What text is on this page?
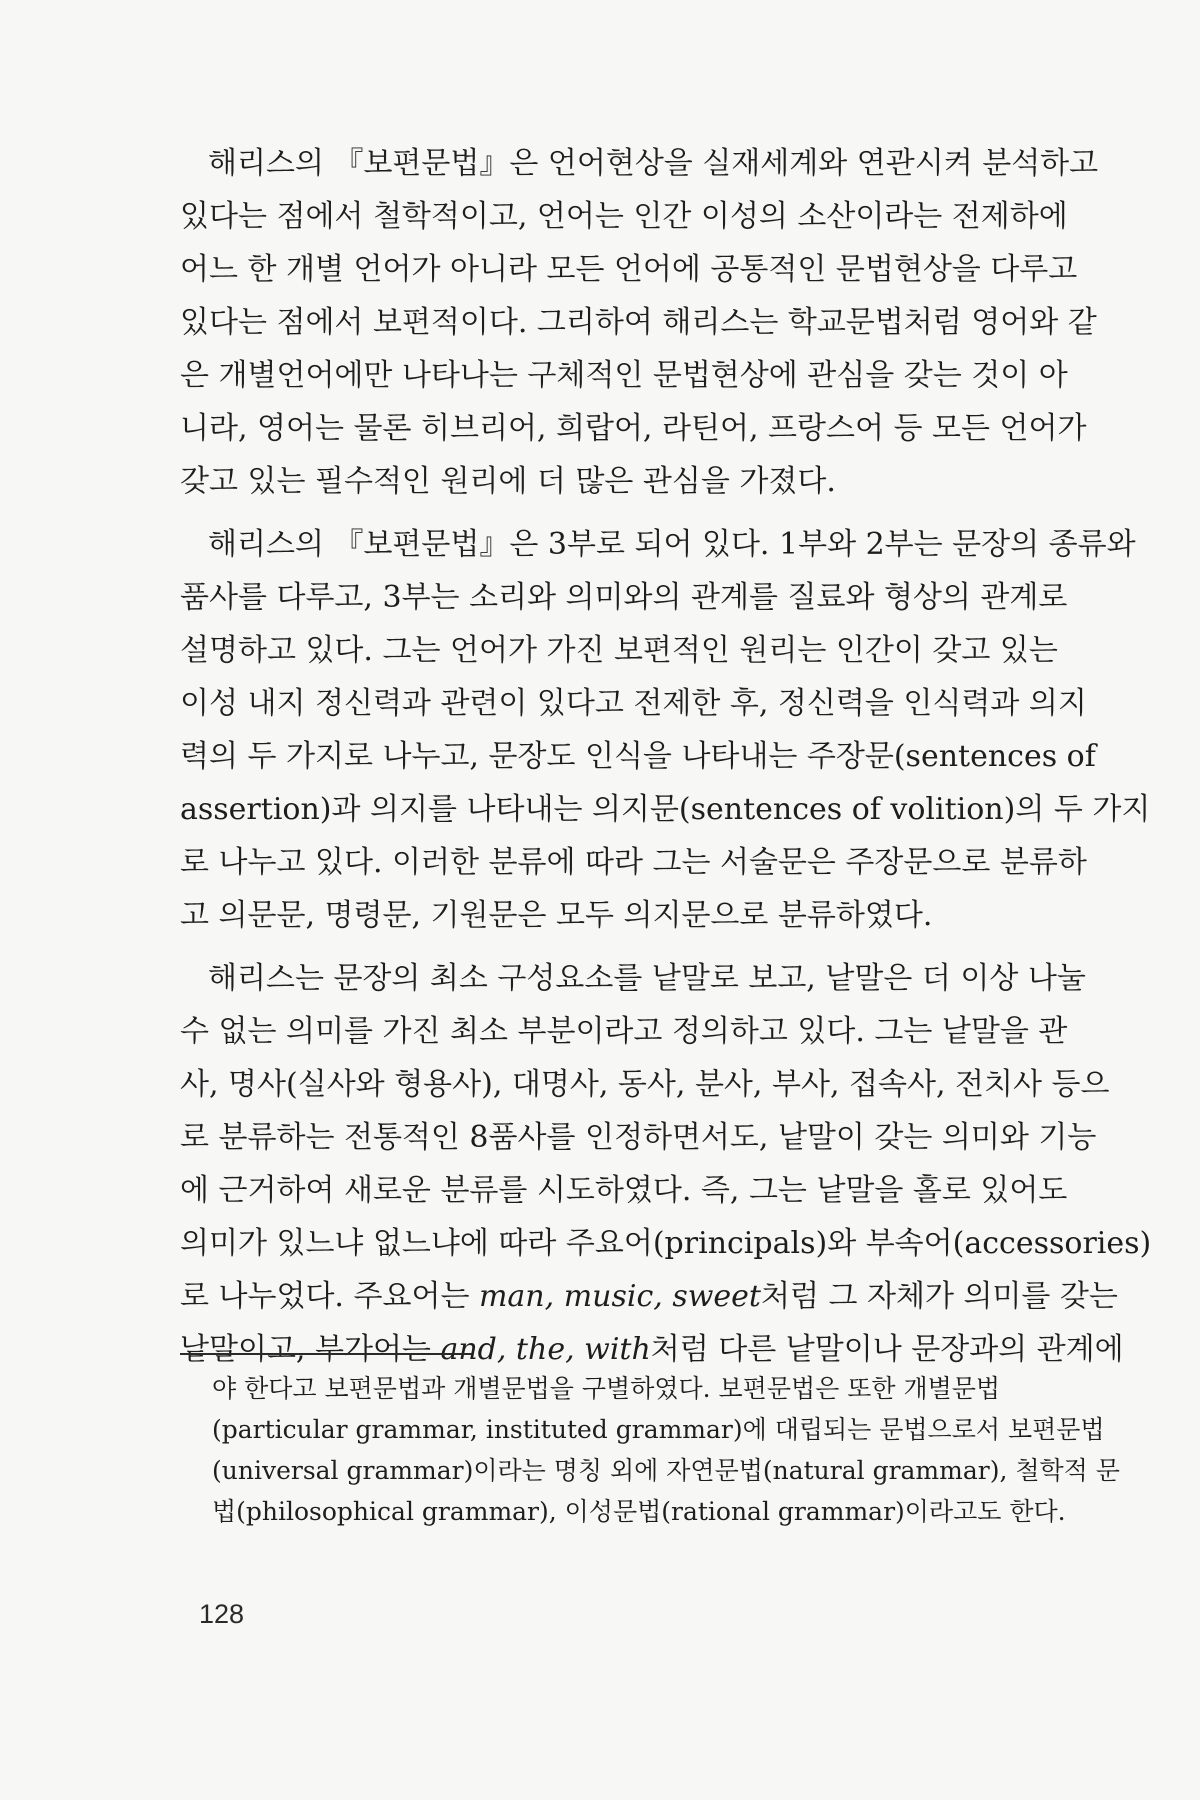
해리스의 『보편문법』은 언어현상을 실재세계와 연관시켜 분석하고
있다는 점에서 철학적이고, 언어는 인간 이성의 소산이라는 전제하에
어느 한 개별 언어가 아니라 모든 언어에 공통적인 문법현상을 다루고
있다는 점에서 보편적이다. 그리하여 해리스는 학교문법처럼 영어와 같
은 개별언어에만 나타나는 구체적인 문법현상에 관심을 갖는 것이 아
니라, 영어는 물론 히브리어, 희랍어, 라틴어, 프랑스어 등 모든 언어가
갖고 있는 필수적인 원리에 더 많은 관심을 가졌다.
해리스의 『보편문법』은 3부로 되어 있다. 1부와 2부는 문장의 종류와
품사를 다루고, 3부는 소리와 의미와의 관계를 질료와 형상의 관계로
설명하고 있다. 그는 언어가 가진 보편적인 원리는 인간이 갖고 있는
이성 내지 정신력과 관련이 있다고 전제한 후, 정신력을 인식력과 의지
력의 두 가지로 나누고, 문장도 인식을 나타내는 주장문(sentences of
assertion)과 의지를 나타내는 의지문(sentences of volition)의 두 가지
로 나누고 있다. 이러한 분류에 따라 그는 서술문은 주장문으로 분류하
고 의문문, 명령문, 기원문은 모두 의지문으로 분류하였다.
해리스는 문장의 최소 구성요소를 낱말로 보고, 낱말은 더 이상 나눌
수 없는 의미를 가진 최소 부분이라고 정의하고 있다. 그는 낱말을 관
사, 명사(실사와 형용사), 대명사, 동사, 분사, 부사, 접속사, 전치사 등으
로 분류하는 전통적인 8품사를 인정하면서도, 낱말이 갖는 의미와 기능
에 근거하여 새로운 분류를 시도하였다. 즉, 그는 낱말을 홀로 있어도
의미가 있느냐 없느냐에 따라 주요어(principals)와 부속어(accessories)
로 나누었다. 주요어는 man, music, sweet처럼 그 자체가 의미를 갖는
낱말이고, 부가어는 and, the, with처럼 다른 낱말이나 문장과의 관계에
야 한다고 보편문법과 개별문법을 구별하였다. 보편문법은 또한 개별문법
(particular grammar, instituted grammar)에 대립되는 문법으로서 보편문법
(universal grammar)이라는 명칭 외에 자연문법(natural grammar), 철학적 문
법(philosophical grammar), 이성문법(rational grammar)이라고도 한다.
128
